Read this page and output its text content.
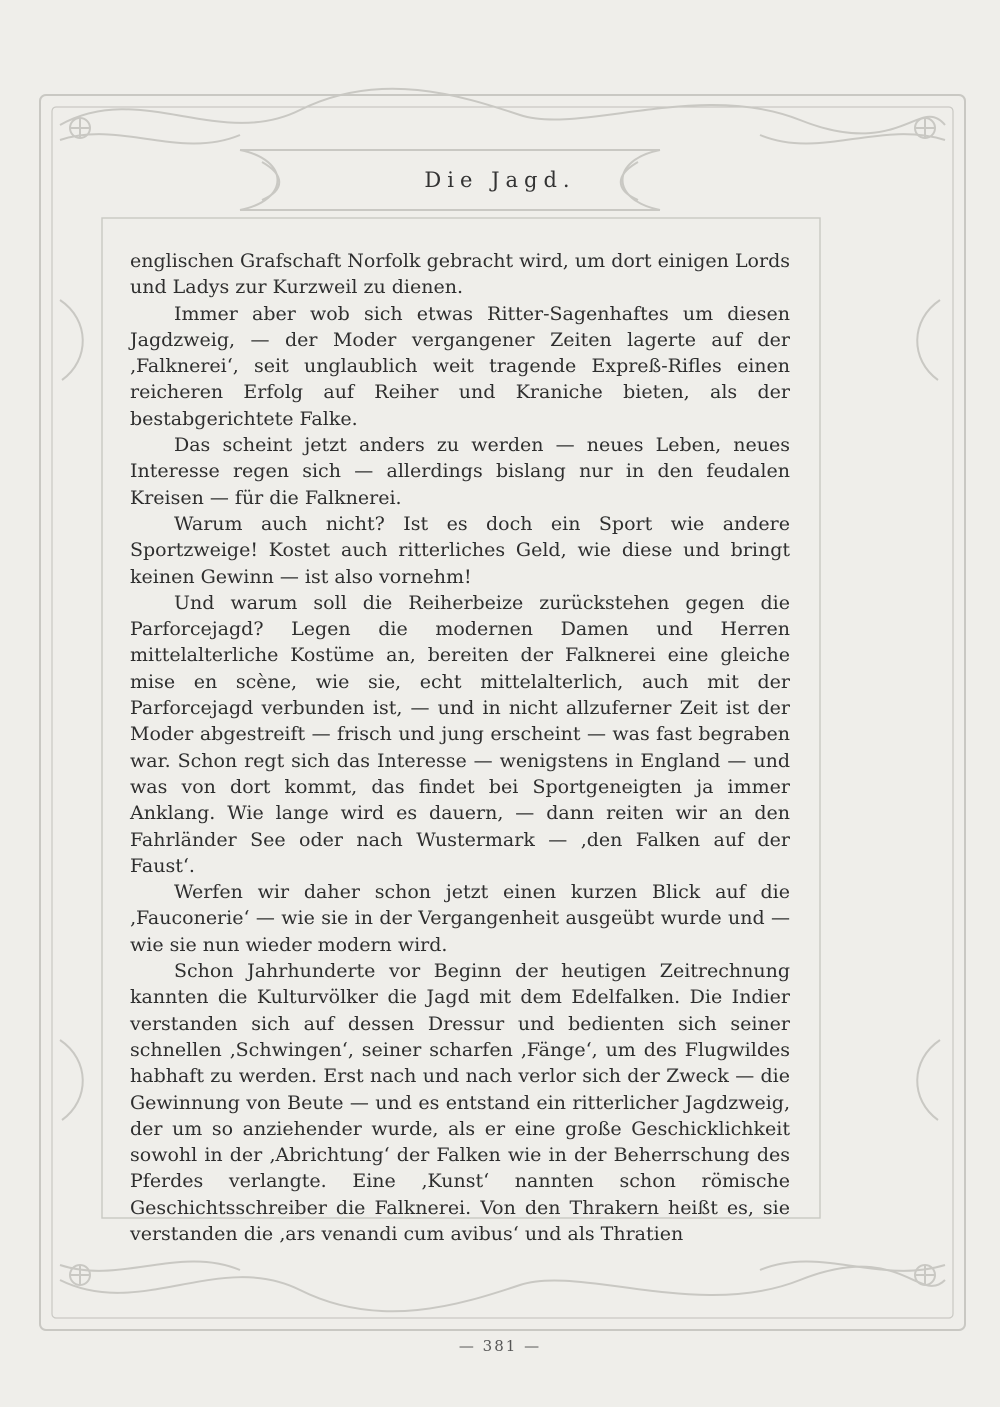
Die Jagd.

englischen Grafschaft Norfolk gebracht wird, um dort einigen Lords und Ladys zur Kurzweil zu dienen.

Immer aber wob sich etwas Ritter-Sagenhaftes um diesen Jagdzweig, — der Moder vergangener Zeiten lagerte auf der ‚Falknerei‘, seit unglaublich weit tragende Expreß-Rifles einen reicheren Erfolg auf Reiher und Kraniche bieten, als der bestabgerichtete Falke.

Das scheint jetzt anders zu werden — neues Leben, neues Interesse regen sich — allerdings bislang nur in den feudalen Kreisen — für die Falknerei.

Warum auch nicht? Ist es doch ein Sport wie andere Sportzweige! Kostet auch ritterliches Geld, wie diese und bringt keinen Gewinn — ist also vornehm!

Und warum soll die Reiherbeize zurückstehen gegen die Parforcejagd? Legen die modernen Damen und Herren mittelalterliche Kostüme an, bereiten der Falknerei eine gleiche mise en scène, wie sie, echt mittelalterlich, auch mit der Parforcejagd verbunden ist, — und in nicht allzuferner Zeit ist der Moder abgestreift — frisch und jung erscheint — was fast begraben war. Schon regt sich das Interesse — wenigstens in England — und was von dort kommt, das findet bei Sportgeneigten ja immer Anklang. Wie lange wird es dauern, — dann reiten wir an den Fahrländer See oder nach Wustermark — ‚den Falken auf der Faust‘.

Werfen wir daher schon jetzt einen kurzen Blick auf die ‚Fauconerie‘ — wie sie in der Vergangenheit ausgeübt wurde und — wie sie nun wieder modern wird.

Schon Jahrhunderte vor Beginn der heutigen Zeitrechnung kannten die Kulturvölker die Jagd mit dem Edelfalken. Die Indier verstanden sich auf dessen Dressur und bedienten sich seiner schnellen ‚Schwingen‘, seiner scharfen ‚Fänge‘, um des Flugwildes habhaft zu werden. Erst nach und nach verlor sich der Zweck — die Gewinnung von Beute — und es entstand ein ritterlicher Jagdzweig, der um so anziehender wurde, als er eine große Geschicklichkeit sowohl in der ‚Abrichtung‘ der Falken wie in der Beherrschung des Pferdes verlangte. Eine ‚Kunst‘ nannten schon römische Geschichtsschreiber die Falknerei. Von den Thrakern heißt es, sie verstanden die ‚ars venandi cum avibus‘ und als Thratien

— 381 —
